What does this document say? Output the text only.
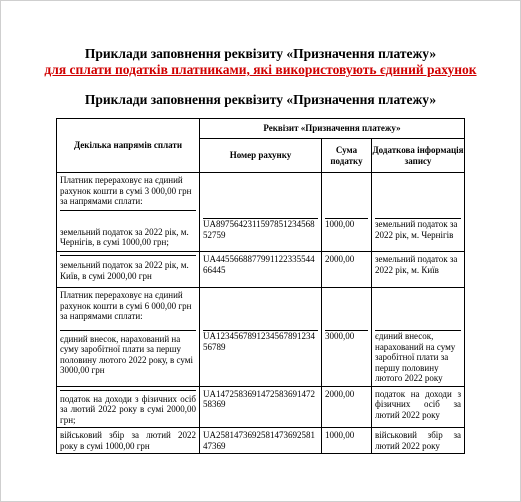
Приклади заповнення реквізиту «Призначення платежу»
для сплати податків платниками, які використовують єдиний рахунок
Приклади заповнення реквізиту «Призначення платежу»
Декілька напрямів сплати	Реквізит «Призначення платежу»		
	Номер рахунку	Сума податку	Додаткова інформація запису

Платник перераховує на єдиний рахунок кошти в сумі 3 000,00 грн за напрямами сплати:
земельний податок за 2022 рік, м. Чернігів, в сумі 1000,00 грн;	UA897564231159785123456852759	1000,00	земельний податок за 2022 рік, м. Чернігів

земельний податок за 2022 рік, м. Київ, в сумі 2000,00 грн	UA445566887799112233554466445	2000,00	земельний податок за 2022 рік, м. Київ

Платник перераховує на єдиний рахунок кошти в сумі 6 000,00 грн за напрямами сплати:
єдиний внесок, нарахований на суму заробітної плати за першу половину лютого 2022 року, в сумі 3000,00 грн	UA123456789123456789123456789	3000,00	єдиний внесок, нарахований на суму заробітної плати за першу половину лютого 2022 року

податок на доходи з фізичних осіб за лютий 2022 року в сумі 2000,00 грн;	UA147258369147258369147258369	2000,00	податок на доходи з фізичних осіб за лютий 2022 року

військовий збір за лютий 2022 року в сумі 1000,00 грн	UA258147369258147369258147369	1000,00	військовий збір за лютий 2022 року
